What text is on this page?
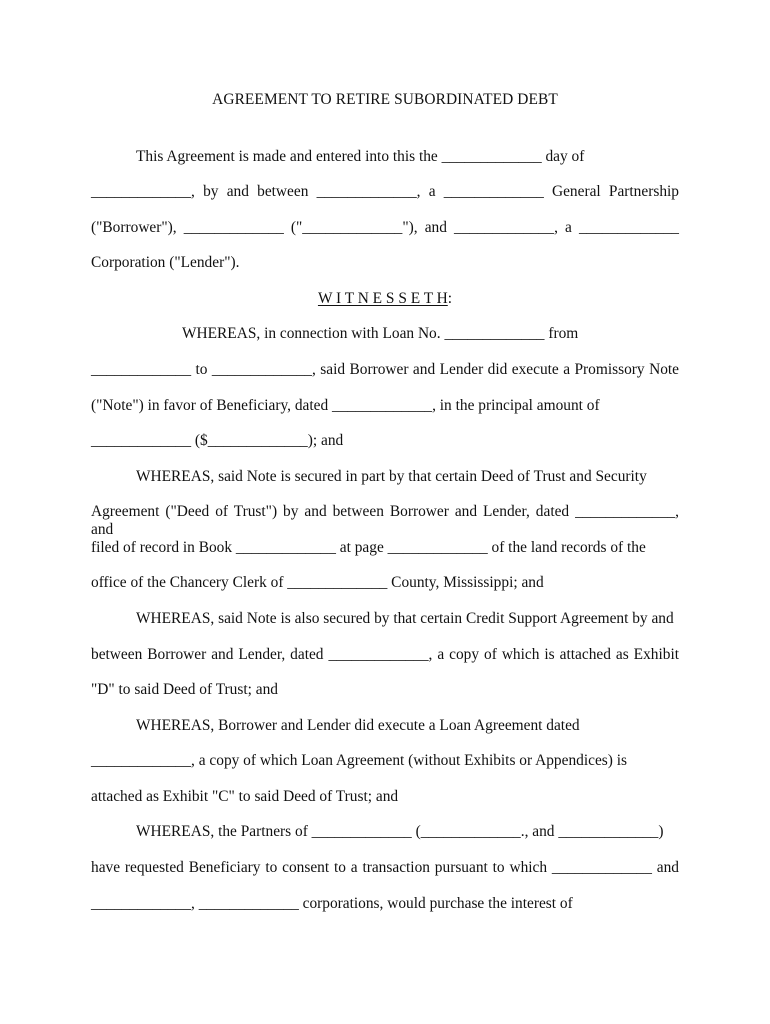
AGREEMENT TO RETIRE SUBORDINATED DEBT
This Agreement is made and entered into this the _____________ day of
_____________, by and between _____________, a _____________ General Partnership
("Borrower"), _____________ ("_____________"), and _____________, a _____________
Corporation ("Lender").
W I T N E S S E T H:
WHEREAS, in connection with Loan No. _____________ from
_____________ to _____________, said Borrower and Lender did execute a Promissory Note
("Note") in favor of Beneficiary, dated _____________, in the principal amount of
_____________ ($_____________); and
WHEREAS, said Note is secured in part by that certain Deed of Trust and Security
Agreement ("Deed of Trust") by and between Borrower and Lender, dated _____________, and
filed of record in Book _____________ at page _____________ of the land records of the
office of the Chancery Clerk of _____________ County, Mississippi; and
WHEREAS, said Note is also secured by that certain Credit Support Agreement by and
between Borrower and Lender, dated _____________, a copy of which is attached as Exhibit
"D" to said Deed of Trust; and
WHEREAS, Borrower and Lender did execute a Loan Agreement dated
_____________, a copy of which Loan Agreement (without Exhibits or Appendices) is
attached as Exhibit "C" to said Deed of Trust; and
WHEREAS, the Partners of _____________ (_____________., and _____________)
have requested Beneficiary to consent to a transaction pursuant to which _____________ and
_____________, _____________ corporations, would purchase the interest of
